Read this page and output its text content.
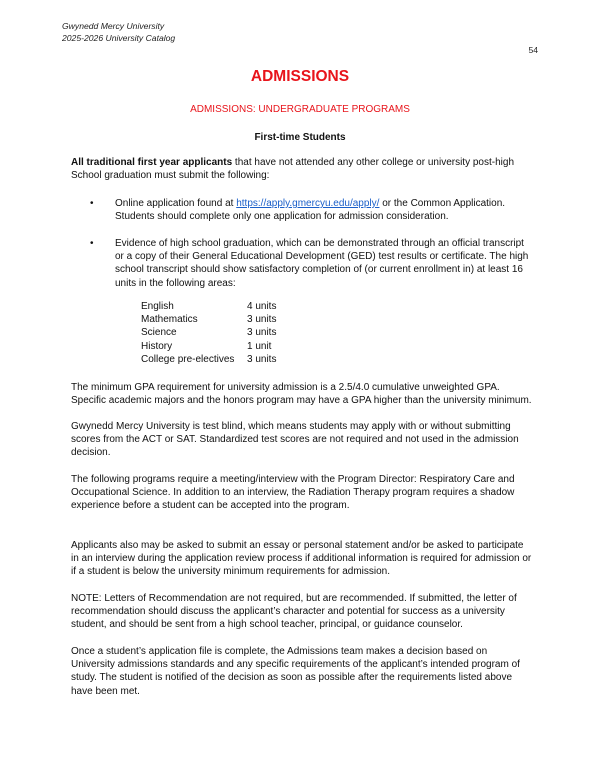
Gwynedd Mercy University
2025-2026 University Catalog
54
ADMISSIONS
ADMISSIONS: UNDERGRADUATE PROGRAMS
First-time Students

All traditional first year applicants that have not attended any other college or university post-high School graduation must submit the following:

• Online application found at https://apply.gmercyu.edu/apply/ or the Common Application. Students should complete only one application for admission consideration.
• Evidence of high school graduation, which can be demonstrated through an official transcript or a copy of their General Educational Development (GED) test results or certificate. The high school transcript should show satisfactory completion of (or current enrollment in) at least 16 units in the following areas:
English	4 units
Mathematics	3 units
Science	3 units
History	1 unit
College pre-electives	3 units

The minimum GPA requirement for university admission is a 2.5/4.0 cumulative unweighted GPA. Specific academic majors and the honors program may have a GPA higher than the university minimum.

Gwynedd Mercy University is test blind, which means students may apply with or without submitting scores from the ACT or SAT. Standardized test scores are not required and not used in the admission decision.

The following programs require a meeting/interview with the Program Director: Respiratory Care and Occupational Science. In addition to an interview, the Radiation Therapy program requires a shadow experience before a student can be accepted into the program.

Applicants also may be asked to submit an essay or personal statement and/or be asked to participate in an interview during the application review process if additional information is required for admission or if a student is below the university minimum requirements for admission.

NOTE: Letters of Recommendation are not required, but are recommended. If submitted, the letter of recommendation should discuss the applicant’s character and potential for success as a university student, and should be sent from a high school teacher, principal, or guidance counselor.

Once a student’s application file is complete, the Admissions team makes a decision based on University admissions standards and any specific requirements of the applicant’s intended program of study. The student is notified of the decision as soon as possible after the requirements listed above have been met.
